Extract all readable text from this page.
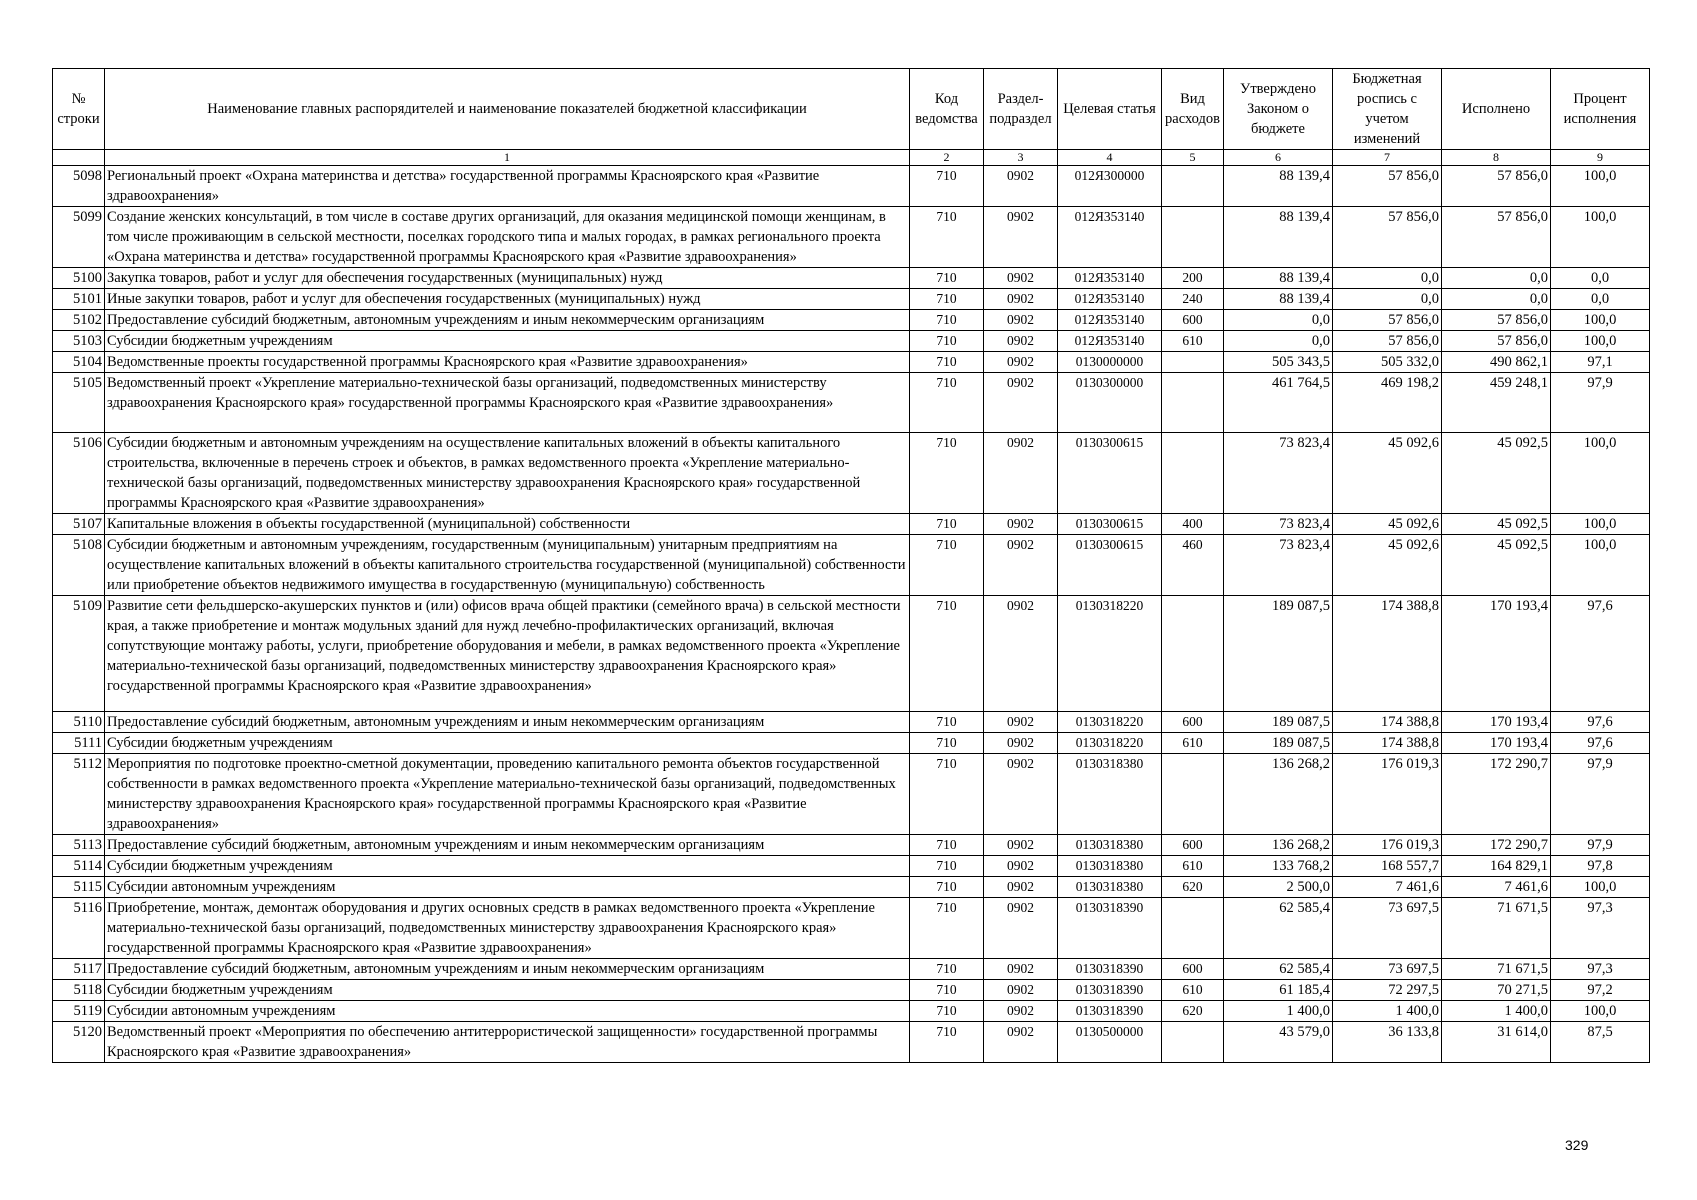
№ строки	Наименование главных распорядителей и наименование показателей бюджетной классификации	Код ведомства	Раздел-подраздел	Целевая статья	Вид расходов	Утверждено Законом о бюджете	Бюджетная роспись с учетом изменений	Исполнено	Процент исполнения
	1	2	3	4	5	6	7	8	9
5098	Региональный проект «Охрана материнства и детства» государственной программы Красноярского края «Развитие здравоохранения»	710	0902	012Я300000		88 139,4	57 856,0	57 856,0	100,0
5099	Создание женских консультаций, в том числе в составе других организаций, для оказания медицинской помощи женщинам, в том числе проживающим в сельской местности, поселках городского типа и малых городах, в рамках регионального проекта «Охрана материнства и детства» государственной программы Красноярского края «Развитие здравоохранения»	710	0902	012Я353140		88 139,4	57 856,0	57 856,0	100,0
5100	Закупка товаров, работ и услуг для обеспечения государственных (муниципальных) нужд	710	0902	012Я353140	200	88 139,4	0,0	0,0	0,0
5101	Иные закупки товаров, работ и услуг для обеспечения государственных (муниципальных) нужд	710	0902	012Я353140	240	88 139,4	0,0	0,0	0,0
5102	Предоставление субсидий бюджетным, автономным учреждениям и иным некоммерческим организациям	710	0902	012Я353140	600	0,0	57 856,0	57 856,0	100,0
5103	Субсидии бюджетным учреждениям	710	0902	012Я353140	610	0,0	57 856,0	57 856,0	100,0
5104	Ведомственные проекты государственной программы Красноярского края «Развитие здравоохранения»	710	0902	0130000000		505 343,5	505 332,0	490 862,1	97,1
5105	Ведомственный проект «Укрепление материально-технической базы организаций, подведомственных министерству здравоохранения Красноярского края» государственной программы Красноярского края «Развитие здравоохранения»	710	0902	0130300000		461 764,5	469 198,2	459 248,1	97,9
5106	Субсидии бюджетным и автономным учреждениям на осуществление капитальных вложений в объекты капитального строительства, включенные в перечень строек и объектов, в рамках ведомственного проекта «Укрепление материально-технической базы организаций, подведомственных министерству здравоохранения Красноярского края» государственной программы Красноярского края «Развитие здравоохранения»	710	0902	0130300615		73 823,4	45 092,6	45 092,5	100,0
5107	Капитальные вложения в объекты государственной (муниципальной) собственности	710	0902	0130300615	400	73 823,4	45 092,6	45 092,5	100,0
5108	Субсидии бюджетным и автономным учреждениям, государственным (муниципальным) унитарным предприятиям на осуществление капитальных вложений в объекты капитального строительства государственной (муниципальной) собственности или приобретение объектов недвижимого имущества в государственную (муниципальную) собственность	710	0902	0130300615	460	73 823,4	45 092,6	45 092,5	100,0
5109	Развитие сети фельдшерско-акушерских пунктов и (или) офисов врача общей практики (семейного врача) в сельской местности края, а также приобретение и монтаж модульных зданий для нужд лечебно-профилактических организаций, включая сопутствующие монтажу работы, услуги, приобретение оборудования и мебели, в рамках ведомственного проекта «Укрепление материально-технической базы организаций, подведомственных министерству здравоохранения Красноярского края» государственной программы Красноярского края «Развитие здравоохранения»	710	0902	0130318220		189 087,5	174 388,8	170 193,4	97,6
5110	Предоставление субсидий бюджетным, автономным учреждениям и иным некоммерческим организациям	710	0902	0130318220	600	189 087,5	174 388,8	170 193,4	97,6
5111	Субсидии бюджетным учреждениям	710	0902	0130318220	610	189 087,5	174 388,8	170 193,4	97,6
5112	Мероприятия по подготовке проектно-сметной документации, проведению капитального ремонта объектов государственной собственности в рамках ведомственного проекта «Укрепление материально-технической базы организаций, подведомственных министерству здравоохранения Красноярского края» государственной программы Красноярского края «Развитие здравоохранения»	710	0902	0130318380		136 268,2	176 019,3	172 290,7	97,9
5113	Предоставление субсидий бюджетным, автономным учреждениям и иным некоммерческим организациям	710	0902	0130318380	600	136 268,2	176 019,3	172 290,7	97,9
5114	Субсидии бюджетным учреждениям	710	0902	0130318380	610	133 768,2	168 557,7	164 829,1	97,8
5115	Субсидии автономным учреждениям	710	0902	0130318380	620	2 500,0	7 461,6	7 461,6	100,0
5116	Приобретение, монтаж, демонтаж оборудования и других основных средств в рамках ведомственного проекта «Укрепление материально-технической базы организаций, подведомственных министерству здравоохранения Красноярского края» государственной программы Красноярского края «Развитие здравоохранения»	710	0902	0130318390		62 585,4	73 697,5	71 671,5	97,3
5117	Предоставление субсидий бюджетным, автономным учреждениям и иным некоммерческим организациям	710	0902	0130318390	600	62 585,4	73 697,5	71 671,5	97,3
5118	Субсидии бюджетным учреждениям	710	0902	0130318390	610	61 185,4	72 297,5	70 271,5	97,2
5119	Субсидии автономным учреждениям	710	0902	0130318390	620	1 400,0	1 400,0	1 400,0	100,0
5120	Ведомственный проект «Мероприятия по обеспечению антитеррористической защищенности» государственной программы Красноярского края «Развитие здравоохранения»	710	0902	0130500000		43 579,0	36 133,8	31 614,0	87,5
329
